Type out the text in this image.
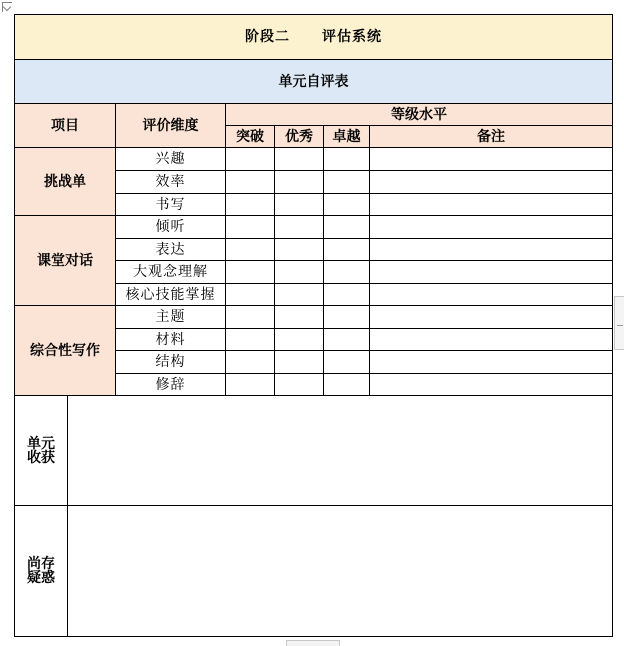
阶段二 评估系统						
单元自评表						
项目		评价维度	等级水平			
			突破	优秀	卓越	备注
挑战单		兴趣				
		效率				
		书写				
课堂对话		倾听				
		表达				
		大观念理解				
		核心技能掌握				
综合性写作		主题				
		材料				
		结构				
		修辞				

单元
收获						

尚存
疑惑						
